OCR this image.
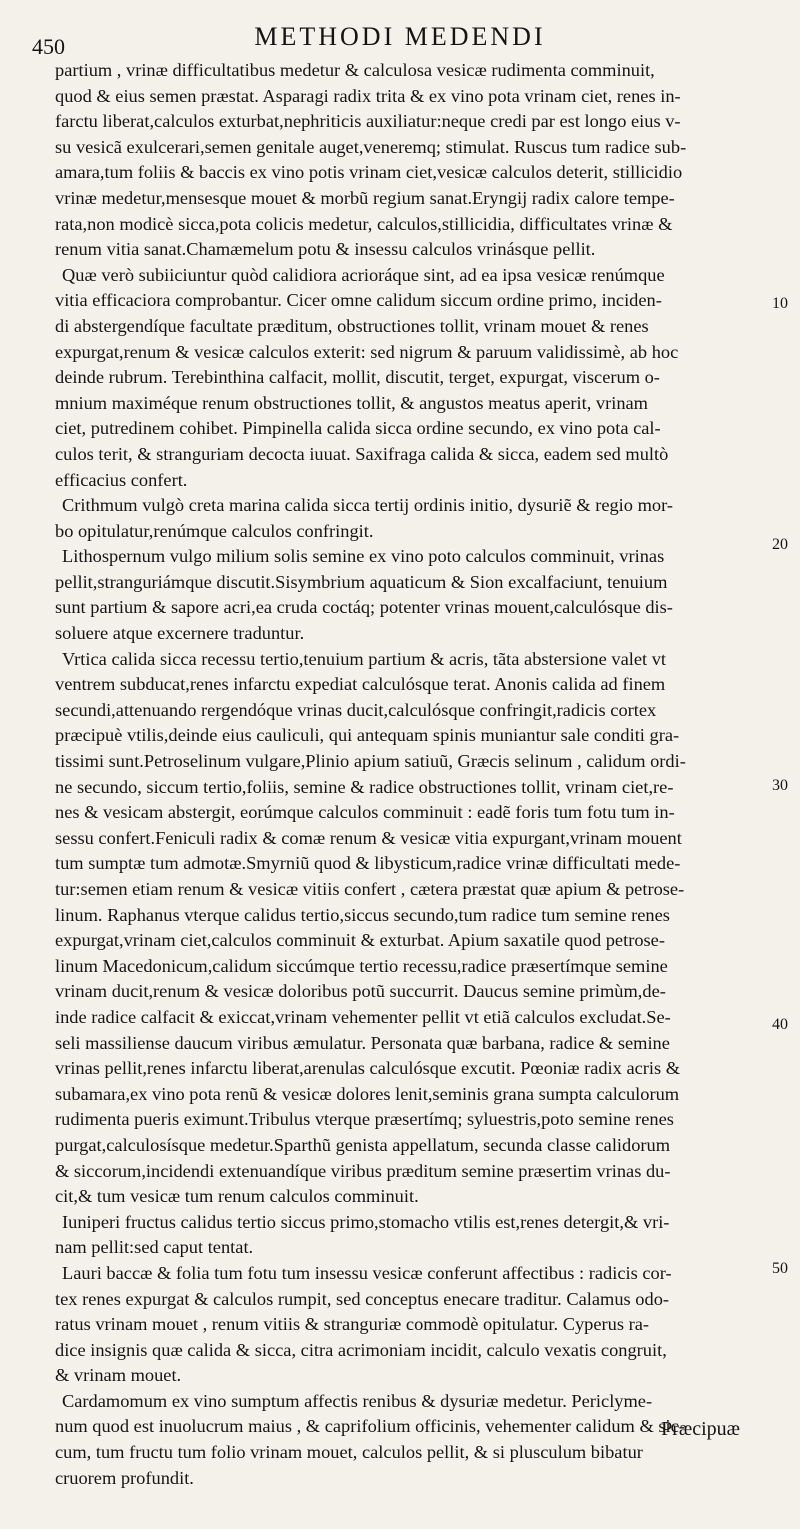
450	METHODI MEDENDI
partium , vrinæ difficultatibus medetur & calculosa vesicæ rudimenta comminuit,
quod & eius semen præstat. Asparagi radix trita & ex vino pota vrinam ciet, renes in-
farctu liberat,calculos exturbat,nephriticis auxiliatur:neque credi par est longo eius v-
su vesicã exulcerari,semen genitale auget,veneremq; stimulat. Ruscus tum radice sub-
amara,tum foliis & baccis ex vino potis vrinam ciet,vesicæ calculos deterit, stillicidio
vrinæ medetur,mensesque mouet & morbũ regium sanat.Eryngij radix calore tempe-
rata,non modicè sicca,pota colicis medetur, calculos,stillicidia, difficultates vrinæ &
renum vitia sanat.Chamæmelum potu & insessu calculos vrinásque pellit.
Quæ verò subiiciuntur quòd calidiora acrioráque sint, ad ea ipsa vesicæ renúmque
vitia efficaciora comprobantur. Cicer omne calidum siccum ordine primo, inciden-
di abstergendíque facultate præditum, obstructiones tollit, vrinam mouet & renes
expurgat,renum & vesicæ calculos exterit: sed nigrum & paruum validissimè, ab hoc
deinde rubrum. Terebinthina calfacit, mollit, discutit, terget, expurgat, viscerum o-
mnium maximéque renum obstructiones tollit, & angustos meatus aperit, vrinam
ciet, putredinem cohibet. Pimpinella calida sicca ordine secundo, ex vino pota cal-
culos terit, & stranguriam decocta iuuat. Saxifraga calida & sicca, eadem sed multò
efficacius confert.
Crithmum vulgò creta marina calida sicca tertij ordinis initio, dysuriẽ & regio mor-
bo opitulatur,renúmque calculos confringit.
Lithospernum vulgo milium solis semine ex vino poto calculos comminuit, vrinas
pellit,stranguriámque discutit.Sisymbrium aquaticum & Sion excalfaciunt, tenuium
sunt partium & sapore acri,ea cruda coctáq; potenter vrinas mouent,calculósque dis-
soluere atque excernere traduntur.
Vrtica calida sicca recessu tertio,tenuium partium & acris, tãta abstersione valet vt
ventrem subducat,renes infarctu expediat calculósque terat. Anonis calida ad finem
secundi,attenuando rergendóque vrinas ducit,calculósque confringit,radicis cortex
præcipuè vtilis,deinde eius cauliculi, qui antequam spinis muniantur sale conditi gra-
tissimi sunt.Petroselinum vulgare,Plinio apium satiuũ, Græcis selinum , calidum ordi-
ne secundo, siccum tertio,foliis, semine & radice obstructiones tollit, vrinam ciet,re-
nes & vesicam abstergit, eorúmque calculos comminuit : eadẽ foris tum fotu tum in-
sessu confert.Feniculi radix & comæ renum & vesicæ vitia expurgant,vrinam mouent
tum sumptæ tum admotæ.Smyrniũ quod & libysticum,radice vrinæ difficultati mede-
tur:semen etiam renum & vesicæ vitiis confert , cætera præstat quæ apium & petrose-
linum. Raphanus vterque calidus tertio,siccus secundo,tum radice tum semine renes
expurgat,vrinam ciet,calculos comminuit & exturbat. Apium saxatile quod petrose-
linum Macedonicum,calidum siccúmque tertio recessu,radice præsertímque semine
vrinam ducit,renum & vesicæ doloribus potũ succurrit. Daucus semine primùm,de-
inde radice calfacit & exiccat,vrinam vehementer pellit vt etiã calculos excludat.Se-
seli massiliense daucum viribus æmulatur. Personata quæ barbana, radice & semine
vrinas pellit,renes infarctu liberat,arenulas calculósque excutit. Pœoniæ radix acris &
subamara,ex vino pota renũ & vesicæ dolores lenit,seminis grana sumpta calculorum
rudimenta pueris eximunt.Tribulus vterque præsertímq; syluestris,poto semine renes
purgat,calculosísque medetur.Sparthũ genista appellatum, secunda classe calidorum
& siccorum,incidendi extenuandíque viribus præditum semine præsertim vrinas du-
cit,& tum vesicæ tum renum calculos comminuit.
Iuniperi fructus calidus tertio siccus primo,stomacho vtilis est,renes detergit,& vri-
nam pellit:sed caput tentat.
Lauri baccæ & folia tum fotu tum insessu vesicæ conferunt affectibus : radicis cor-
tex renes expurgat & calculos rumpit, sed conceptus enecare traditur. Calamus odo-
ratus vrinam mouet , renum vitiis & stranguriæ commodè opitulatur. Cyperus ra-
dice insignis quæ calida & sicca, citra acrimoniam incidit, calculo vexatis congruit,
& vrinam mouet.
Cardamomum ex vino sumptum affectis renibus & dysuriæ medetur. Periclyme-
num quod est inuolucrum maius , & caprifolium officinis, vehementer calidum & sic-
cum, tum fructu tum folio vrinam mouet, calculos pellit, & si plusculum bibatur
cruorem profundit.
10
20
30
40
50
Præcipuæ
